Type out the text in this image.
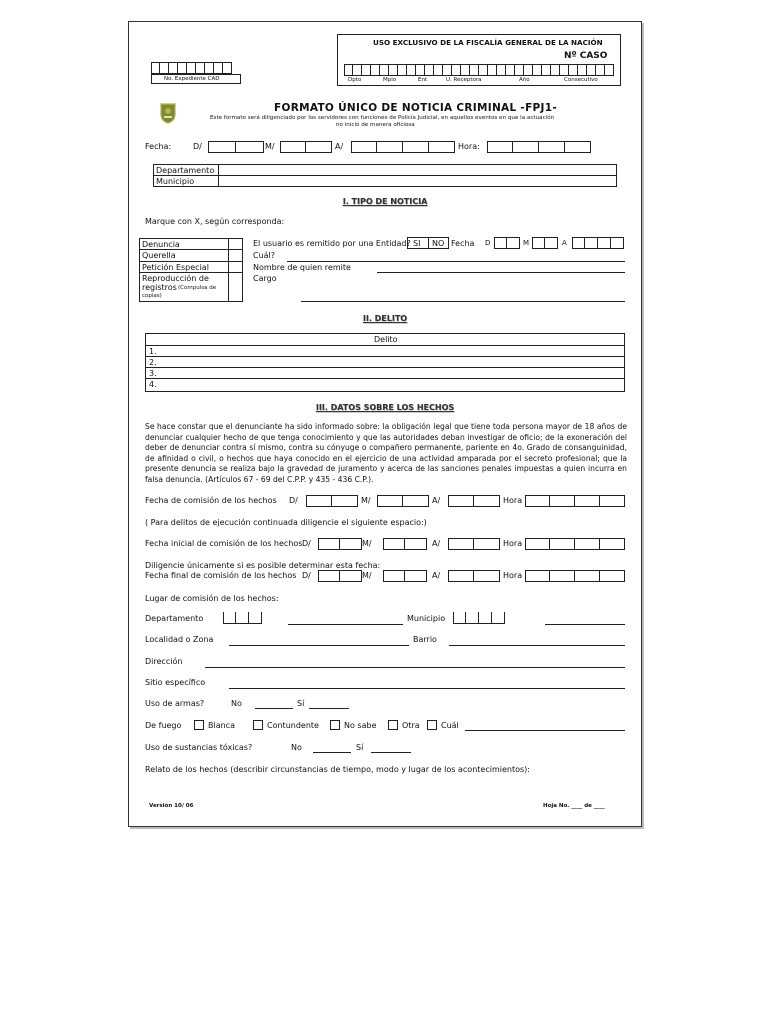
No. Expediente CAD
USO EXCLUSIVO DE LA FISCALÍA GENERAL DE LA NACIÓN
Nº CASO
Dpto	Mpio	Ent	U. Receptora	Año	Consecutivo
FORMATO ÚNICO DE NOTICIA CRIMINAL -FPJ1-
Este formato será diligenciado por los servidores con funciones de Policía Judicial, en aquellos eventos en que la actuación
no inició de manera oficiosa
Fecha:	D/	M/	A/	Hora:
Departamento
Municipio
I. TIPO DE NOTICIA
Marque con X, según corresponda:
Denuncia
Querella
Petición Especial
Reproducción de
registros (Compulsa de
copias)
El usuario es remitido por una Entidad? SI NO Fecha D	M	A
Cuál?
Nombre de quien remite
Cargo
II. DELITO
Delito
1.
2.
3.
4.
III. DATOS SOBRE LOS HECHOS
Se hace constar que el denunciante ha sido informado sobre: la obligación legal que tiene toda persona mayor de 18 años de denunciar cualquier hecho de que tenga conocimiento y que las autoridades deban investigar de oficio; de la exoneración del deber de denunciar contra sí mismo, contra su cónyuge o compañero permanente, pariente en 4o. Grado de consanguinidad, de afinidad o civil, o hechos que haya conocido en el ejercicio de una actividad amparada por el secreto profesional; que la presente denuncia se realiza bajo la gravedad de juramento y acerca de las sanciones penales impuestas a quien incurra en falsa denuncia. (Artículos 67 - 69 del C.P.P. y 435 - 436 C.P.).
Fecha de comisión de los hechos D/	M/	A/	Hora
( Para delitos de ejecución continuada diligencie el siguiente espacio:)
Fecha inicial de comisión de los hechos D/	M/	A/	Hora
Diligencie únicamente si es posible determinar esta fecha:
Fecha final de comisión de los hechos D/	M/	A/	Hora
Lugar de comisión de los hechos:
Departamento	Municipio
Localidad o Zona	Barrio
Dirección
Sitio específico
Uso de armas?	No	Sí
De fuego	Blanca	Contundente	No sabe	Otra	Cuál
Uso de sustancias tóxicas?	No	Sí
Relato de los hechos (describir circunstancias de tiempo, modo y lugar de los acontecimientos):
Versión 10/ 06	Hoja No. ____ de ____
